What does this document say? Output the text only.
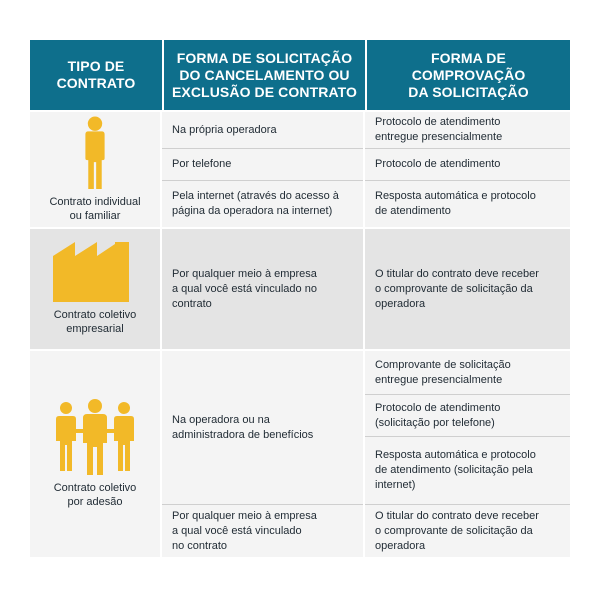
TIPO DE
CONTRATO
FORMA DE SOLICITAÇÃO
DO CANCELAMENTO OU
EXCLUSÃO DE CONTRATO
FORMA DE
COMPROVAÇÃO
DA SOLICITAÇÃO
Contrato individual
ou familiar
Na própria operadora
Por telefone
Pela internet (através do acesso à
página da operadora na internet)
Protocolo de atendimento
entregue presencialmente
Protocolo de atendimento
Resposta automática e protocolo
de atendimento
Contrato coletivo
empresarial
Por qualquer meio à empresa
a qual você está vinculado no
contrato
O titular do contrato deve receber
o comprovante de solicitação da
operadora
Contrato coletivo
por adesão
Na operadora ou na
administradora de benefícios
Por qualquer meio à empresa
a qual você está vinculado
no contrato
Comprovante de solicitação
entregue presencialmente
Protocolo de atendimento
(solicitação por telefone)
Resposta automática e protocolo
de atendimento (solicitação pela
internet)
O titular do contrato deve receber
o comprovante de solicitação da
operadora
